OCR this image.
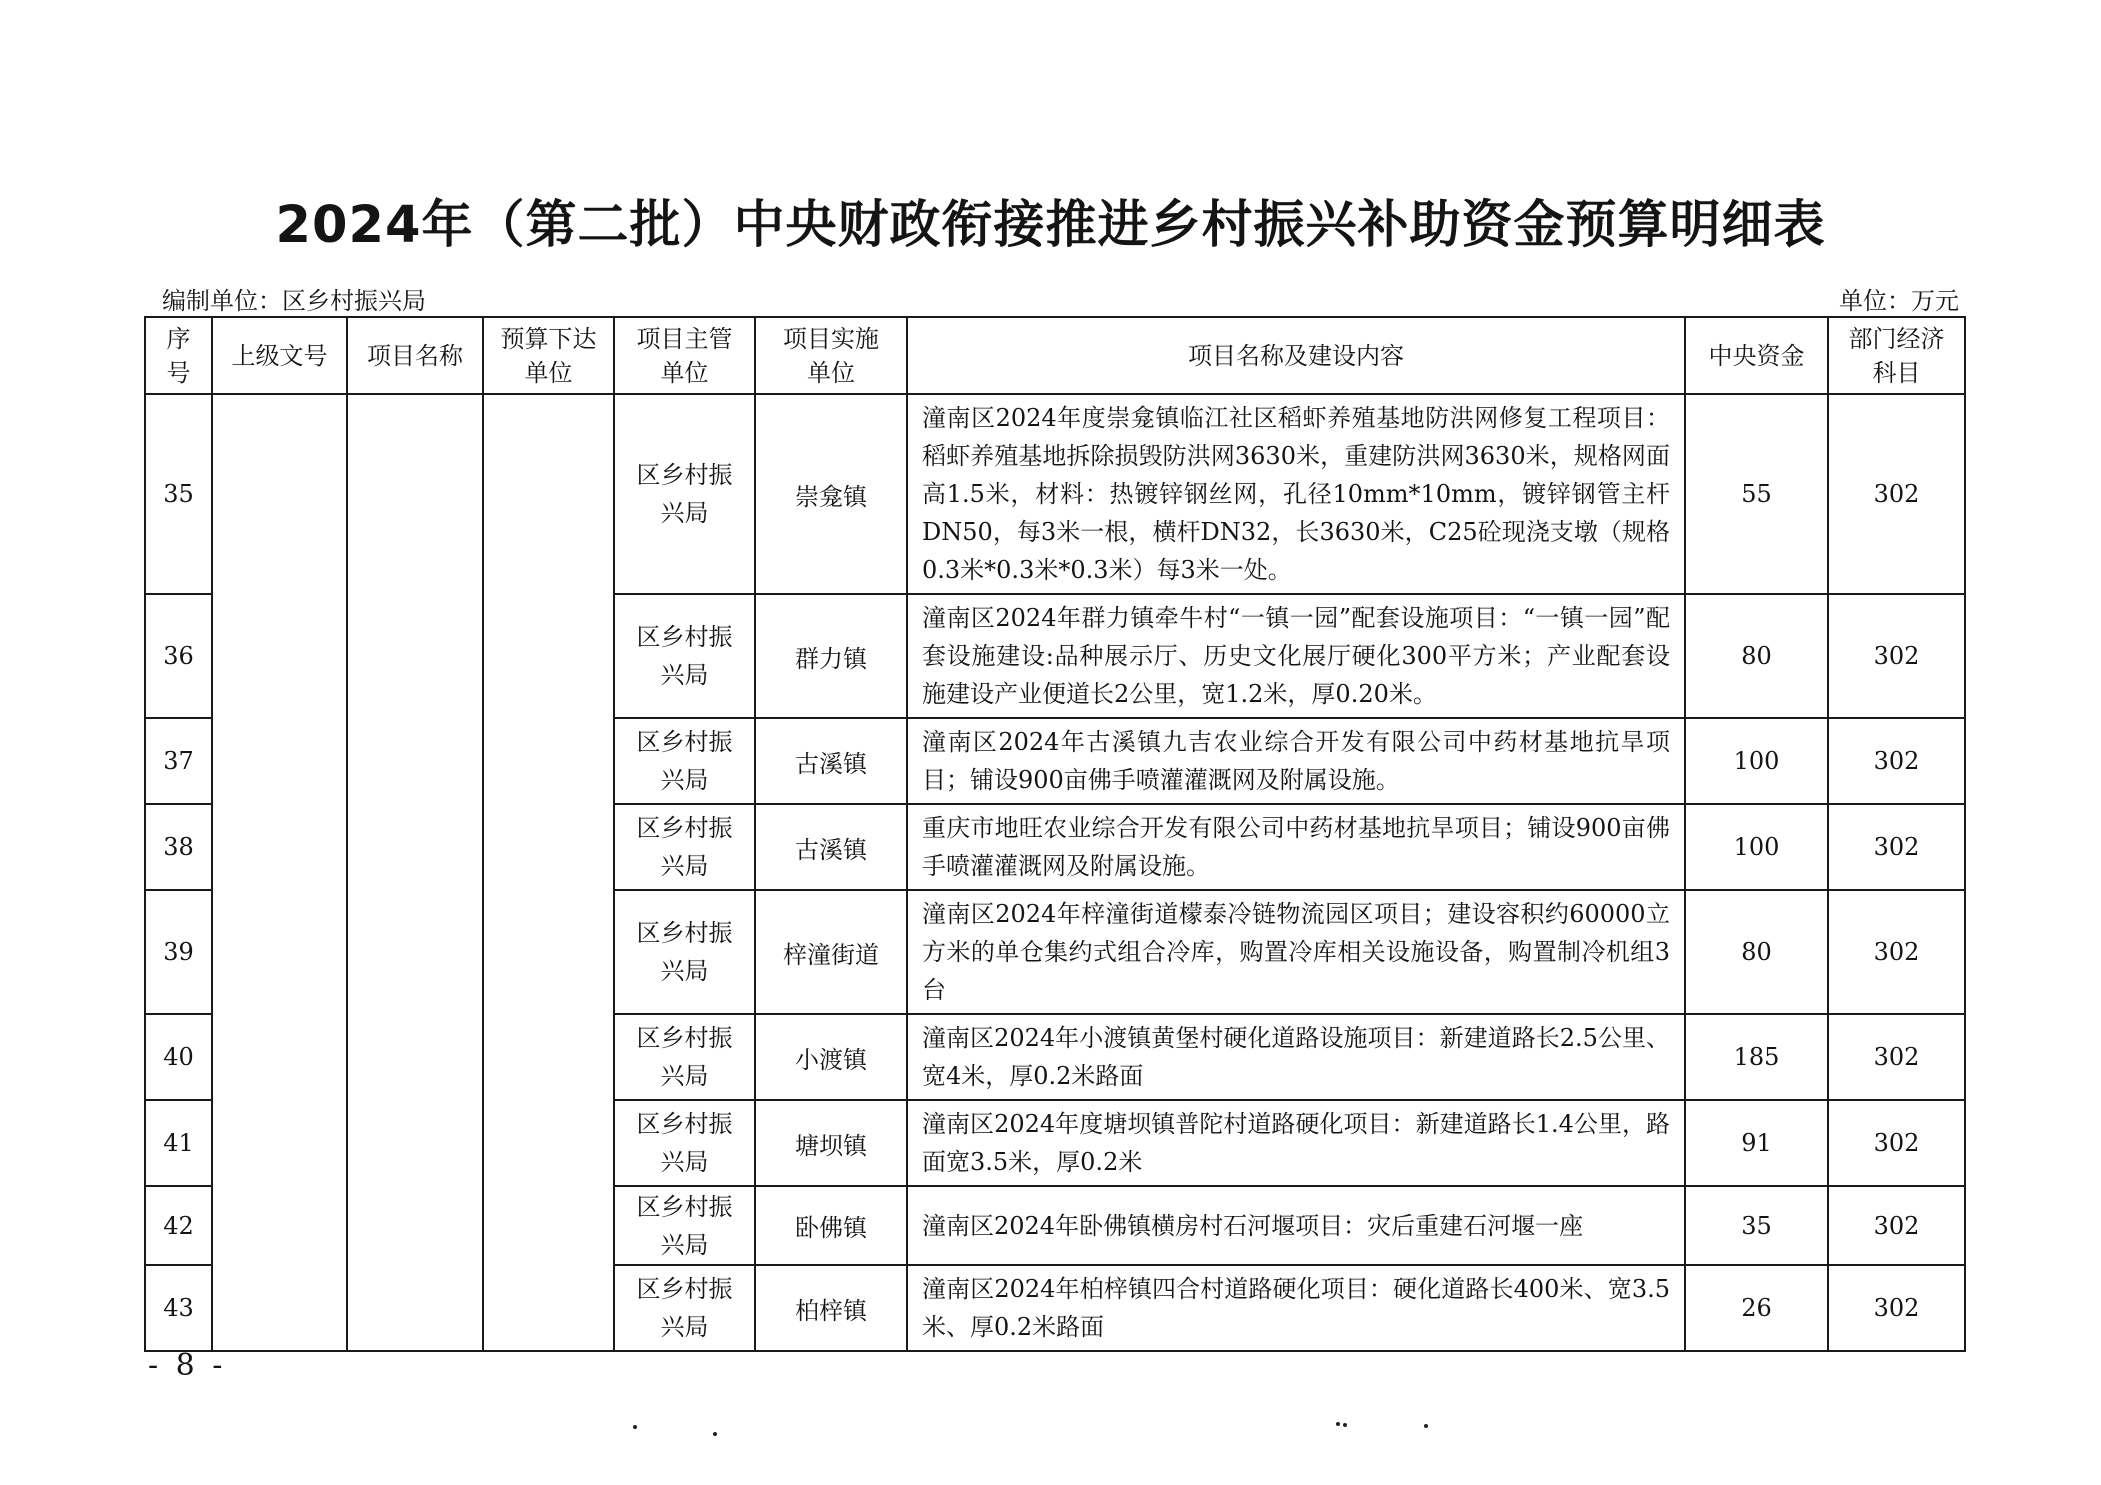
2024年（第二批）中央财政衔接推进乡村振兴补助资金预算明细表
编制单位：区乡村振兴局	单位：万元
序号	上级文号	项目名称	预算下达单位	项目主管单位	项目实施单位	项目名称及建设内容	中央资金	部门经济科目
35				区乡村振兴局	崇龛镇	潼南区2024年度崇龛镇临江社区稻虾养殖基地防洪网修复工程项目：稻虾养殖基地拆除损毁防洪网3630米，重建防洪网3630米，规格网面高1.5米，材料：热镀锌钢丝网，孔径10mm*10mm，镀锌钢管主杆DN50，每3米一根，横杆DN32，长3630米，C25砼现浇支墩（规格0.3米*0.3米*0.3米）每3米一处。	55	302
36				区乡村振兴局	群力镇	潼南区2024年群力镇牵牛村“一镇一园”配套设施项目：“一镇一园”配套设施建设:品种展示厅、历史文化展厅硬化300平方米；产业配套设施建设产业便道长2公里，宽1.2米，厚0.20米。	80	302
37				区乡村振兴局	古溪镇	潼南区2024年古溪镇九吉农业综合开发有限公司中药材基地抗旱项目；铺设900亩佛手喷灌灌溉网及附属设施。	100	302
38				区乡村振兴局	古溪镇	重庆市地旺农业综合开发有限公司中药材基地抗旱项目；铺设900亩佛手喷灌灌溉网及附属设施。	100	302
39				区乡村振兴局	梓潼街道	潼南区2024年梓潼街道檬泰冷链物流园区项目；建设容积约60000立方米的单仓集约式组合冷库，购置冷库相关设施设备，购置制冷机组3台	80	302
40				区乡村振兴局	小渡镇	潼南区2024年小渡镇黄堡村硬化道路设施项目：新建道路长2.5公里、宽4米，厚0.2米路面	185	302
41				区乡村振兴局	塘坝镇	潼南区2024年度塘坝镇普陀村道路硬化项目：新建道路长1.4公里，路面宽3.5米，厚0.2米	91	302
42				区乡村振兴局	卧佛镇	潼南区2024年卧佛镇横房村石河堰项目：灾后重建石河堰一座	35	302
43				区乡村振兴局	柏梓镇	潼南区2024年柏梓镇四合村道路硬化项目：硬化道路长400米、宽3.5米、厚0.2米路面	26	302
- 8 -
